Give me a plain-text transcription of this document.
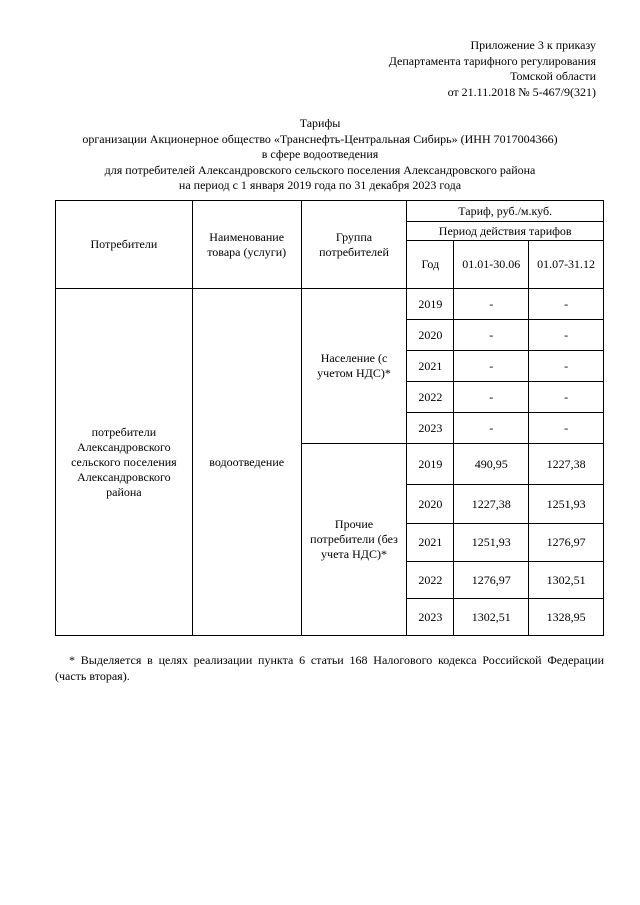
Приложение 3 к приказу
Департамента тарифного регулирования
Томской области
от 21.11.2018 № 5-467/9(321)
Тарифы
организации Акционерное общество «Транснефть-Центральная Сибирь» (ИНН 7017004366)
в сфере водоотведения
для потребителей Александровского сельского поселения Александровского района
на период с 1 января 2019 года по 31 декабря 2023 года
Потребители	Наименование товара (услуги)	Группа потребителей	Тариф, руб./м.куб.		
			Период действия тарифов		
			Год	01.01-30.06	01.07-31.12
потребители Александровского сельского поселения Александровского района	водоотведение	Население (с учетом НДС)*	2019	-	-
			2020	-	-
			2021	-	-
			2022	-	-
			2023	-	-
		Прочие потребители (без учета НДС)*	2019	490,95	1227,38
			2020	1227,38	1251,93
			2021	1251,93	1276,97
			2022	1276,97	1302,51
			2023	1302,51	1328,95
* Выделяется в целях реализации пункта 6 статьи 168 Налогового кодекса Российской Федерации (часть вторая).
